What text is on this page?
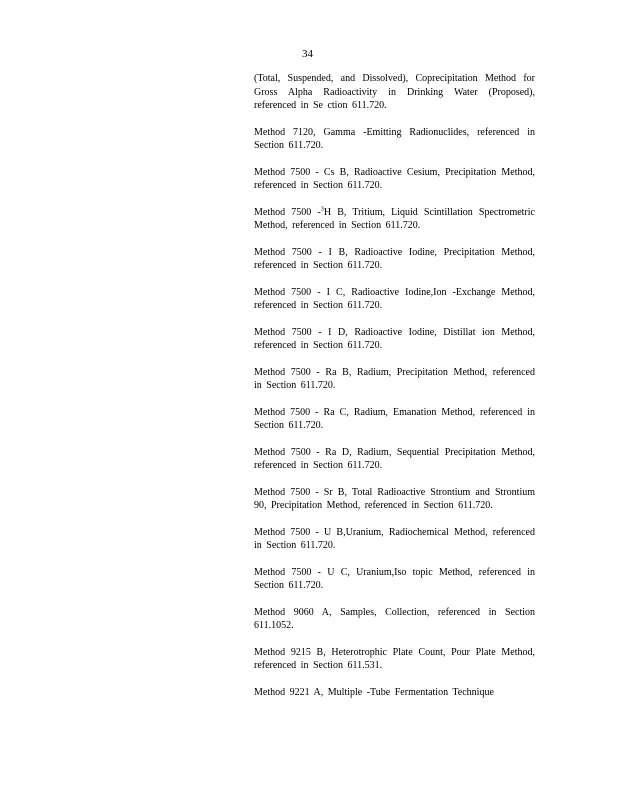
34

(Total, Suspended, and Dissolved), Coprecipitation Method for Gross Alpha Radioactivity in Drinking Water (Proposed), referenced in Se ction 611.720.

Method 7120, Gamma -Emitting Radionuclides, referenced in Section 611.720.

Method 7500 - Cs B, Radioactive Cesium, Precipitation Method, referenced in Section 611.720.

Method 7500 -$^3$H B, Tritium, Liquid Scintillation Spectrometric Method, referenced in Section 611.720.

Method 7500 - I B, Radioactive Iodine, Precipitation Method, referenced in Section 611.720.

Method 7500 - I C, Radioactive Iodine,Ion -Exchange Method, referenced in Section 611.720.

Method 7500 - I D, Radioactive Iodine, Distillat ion Method, referenced in Section 611.720.

Method 7500 - Ra B, Radium, Precipitation Method, referenced in Section 611.720.

Method 7500 - Ra C, Radium, Emanation Method, referenced in Section 611.720.

Method 7500 - Ra D, Radium, Sequential Precipitation Method, referenced in Section 611.720.

Method 7500 - Sr B, Total Radioactive Strontium and Strontium 90, Precipitation Method, referenced in Section 611.720.

Method 7500 - U B,Uranium, Radiochemical Method, referenced in Section 611.720.

Method 7500 - U C, Uranium,Iso topic Method, referenced in Section 611.720.

Method 9060 A, Samples, Collection, referenced in Section 611.1052.

Method 9215 B, Heterotrophic Plate Count, Pour Plate Method, referenced in Section 611.531.

Method 9221 A, Multiple -Tube Fermentation Technique
